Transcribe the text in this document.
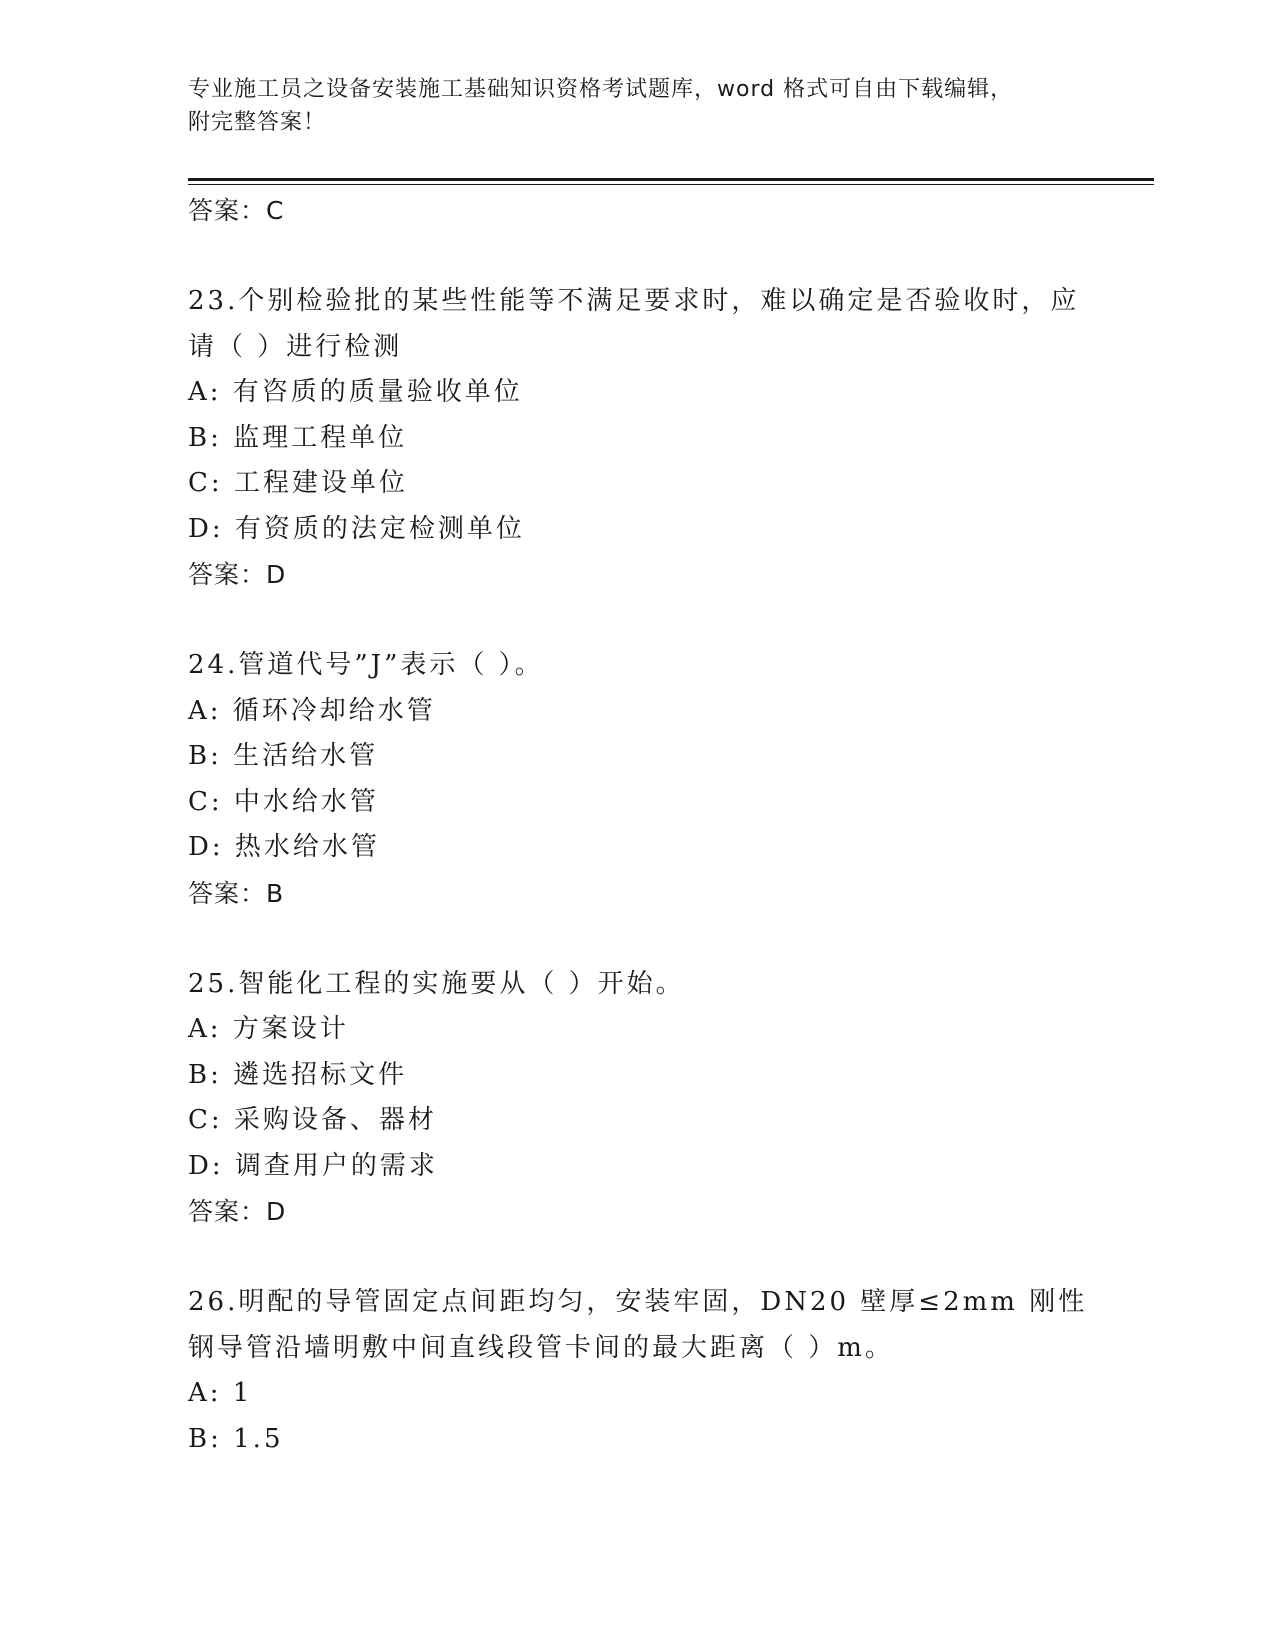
专业施工员之设备安装施工基础知识资格考试题库，word 格式可自由下载编辑，
附完整答案！
答案：C
23.个别检验批的某些性能等不满足要求时，难以确定是否验收时，应请（ ）进行检测
A: 有咨质的质量验收单位
B: 监理工程单位
C: 工程建设单位
D: 有资质的法定检测单位
答案：D
24.管道代号”J”表示（ ）。
A: 循环冷却给水管
B: 生活给水管
C: 中水给水管
D: 热水给水管
答案：B
25.智能化工程的实施要从（ ）开始。
A: 方案设计
B: 遴选招标文件
C: 采购设备、器材
D: 调查用户的需求
答案：D
26.明配的导管固定点间距均匀，安装牢固，DN20 壁厚≤2mm 刚性钢导管沿墙明敷中间直线段管卡间的最大距离（ ）m。
A: 1
B: 1.5
